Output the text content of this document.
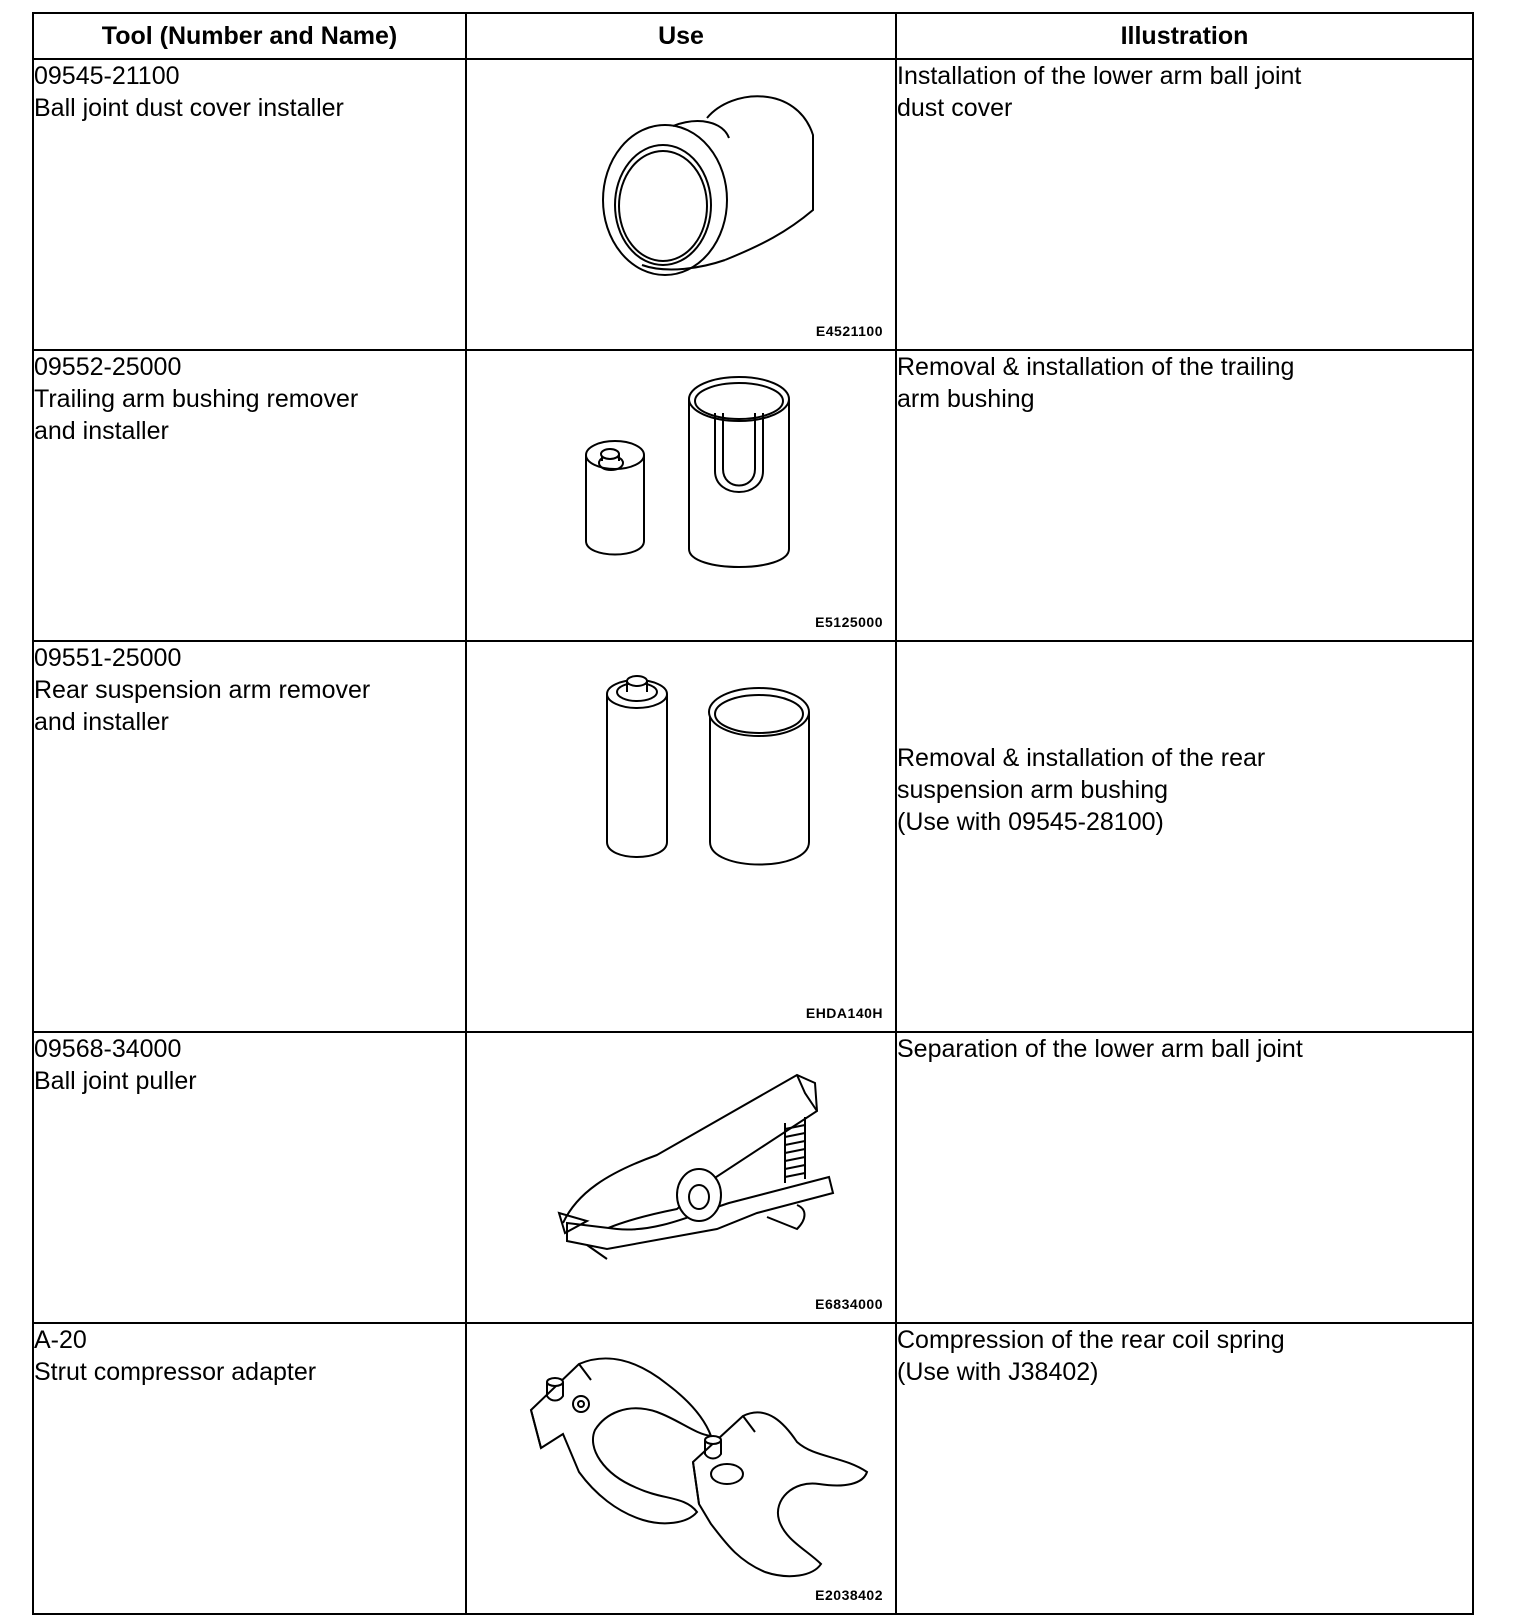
Tool (Number and Name)	Use	Illustration

09545-21100
Ball joint dust cover installer	E4521100	Installation of the lower arm ball joint
dust cover

09552-25000
Trailing arm bushing remover
and installer	E5125000	Removal & installation of the trailing
arm bushing

09551-25000
Rear suspension arm remover
and installer	EHDA140H	Removal & installation of the rear
suspension arm bushing
(Use with 09545-28100)

09568-34000
Ball joint puller	E6834000	Separation of the lower arm ball joint

A-20
Strut compressor adapter	E2038402	Compression of the rear coil spring
(Use with J38402)
